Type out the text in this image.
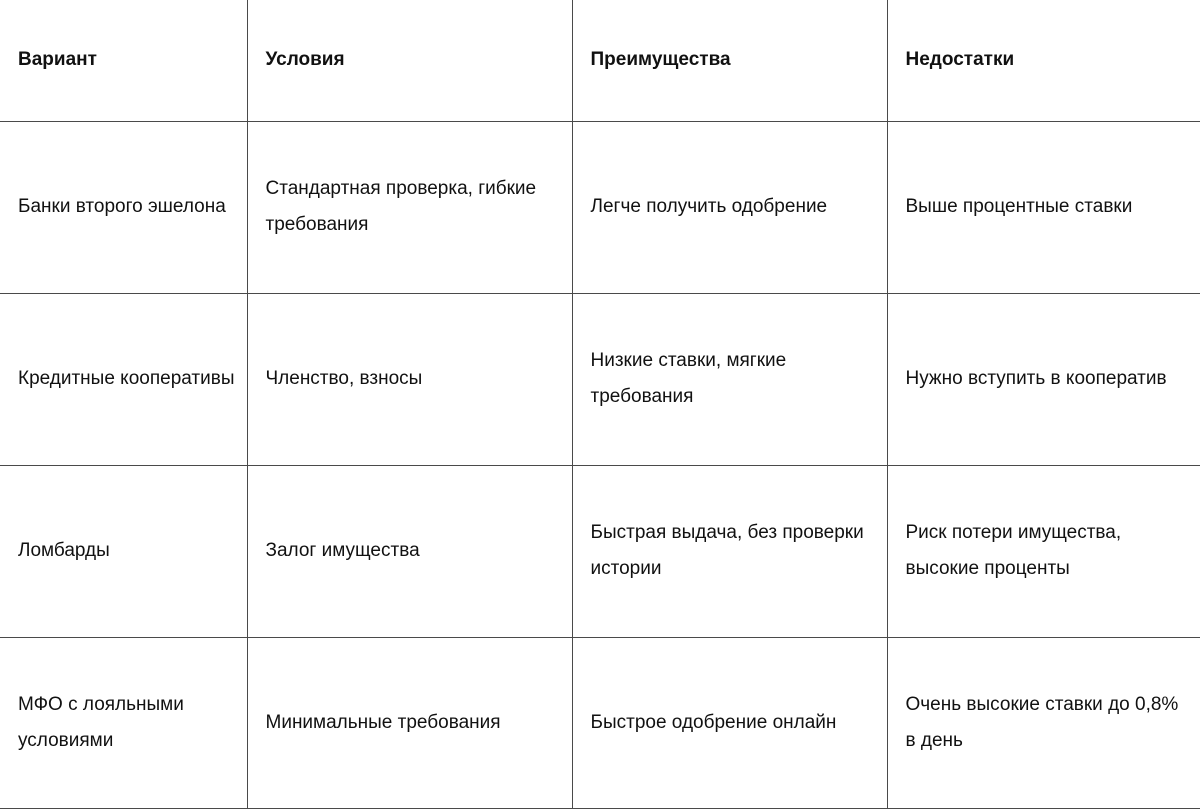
Вариант	Условия	Преимущества	Недостатки
Банки второго эшелона	Стандартная проверка, гибкие требования	Легче получить одобрение	Выше процентные ставки
Кредитные кооперативы	Членство, взносы	Низкие ставки, мягкие требования	Нужно вступить в кооператив
Ломбарды	Залог имущества	Быстрая выдача, без проверки истории	Риск потери имущества, высокие проценты
МФО с лояльными условиями	Минимальные требования	Быстрое одобрение онлайн	Очень высокие ставки до 0,8% в день
